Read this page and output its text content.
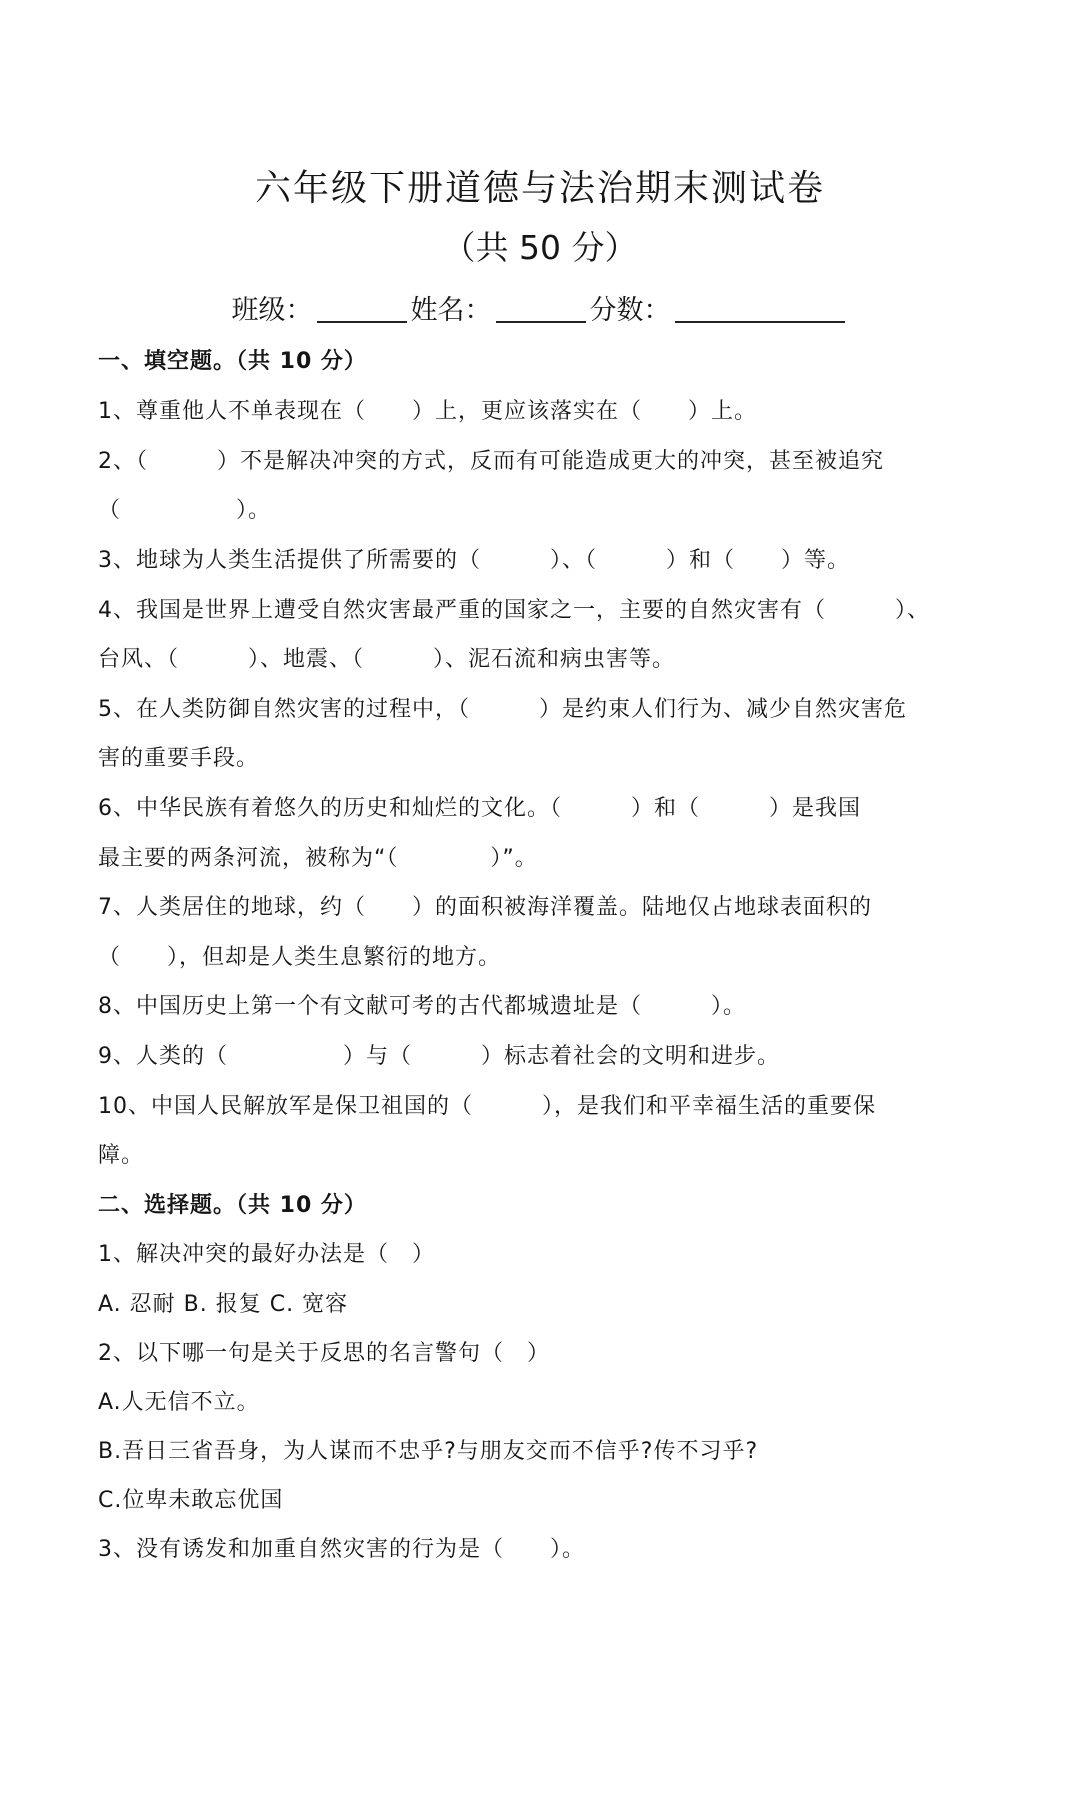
六年级下册道德与法治期末测试卷
（共 50 分）
班级：	姓名：	分数：
一、填空题。（共 10 分）
1、尊重他人不单表现在（　　）上，更应该落实在（　　）上。
2、（　　　）不是解决冲突的方式，反而有可能造成更大的冲突，甚至被追究
（　　　　　）。
3、地球为人类生活提供了所需要的（　　　）、（　　　）和（　　）等。
4、我国是世界上遭受自然灾害最严重的国家之一，主要的自然灾害有（　　　）、
台风、（　　　）、地震、（　　　）、泥石流和病虫害等。
5、在人类防御自然灾害的过程中，（　　　）是约束人们行为、减少自然灾害危
害的重要手段。
6、中华民族有着悠久的历史和灿烂的文化。（　　　）和（　　　）是我国
最主要的两条河流，被称为“（　　　　）”。
7、人类居住的地球，约（　　）的面积被海洋覆盖。陆地仅占地球表面积的
（　　），但却是人类生息繁衍的地方。
8、中国历史上第一个有文献可考的古代都城遗址是（　　　）。
9、人类的（　　　　　）与（　　　）标志着社会的文明和进步。
10、中国人民解放军是保卫祖国的（　　　），是我们和平幸福生活的重要保
障。
二、选择题。（共 10 分）
1、解决冲突的最好办法是（　）
A. 忍耐 B. 报复 C. 宽容
2、以下哪一句是关于反思的名言警句（　）
A.人无信不立。
B.吾日三省吾身，为人谋而不忠乎?与朋友交而不信乎?传不习乎?
C.位卑未敢忘优国
3、没有诱发和加重自然灾害的行为是（　　）。
